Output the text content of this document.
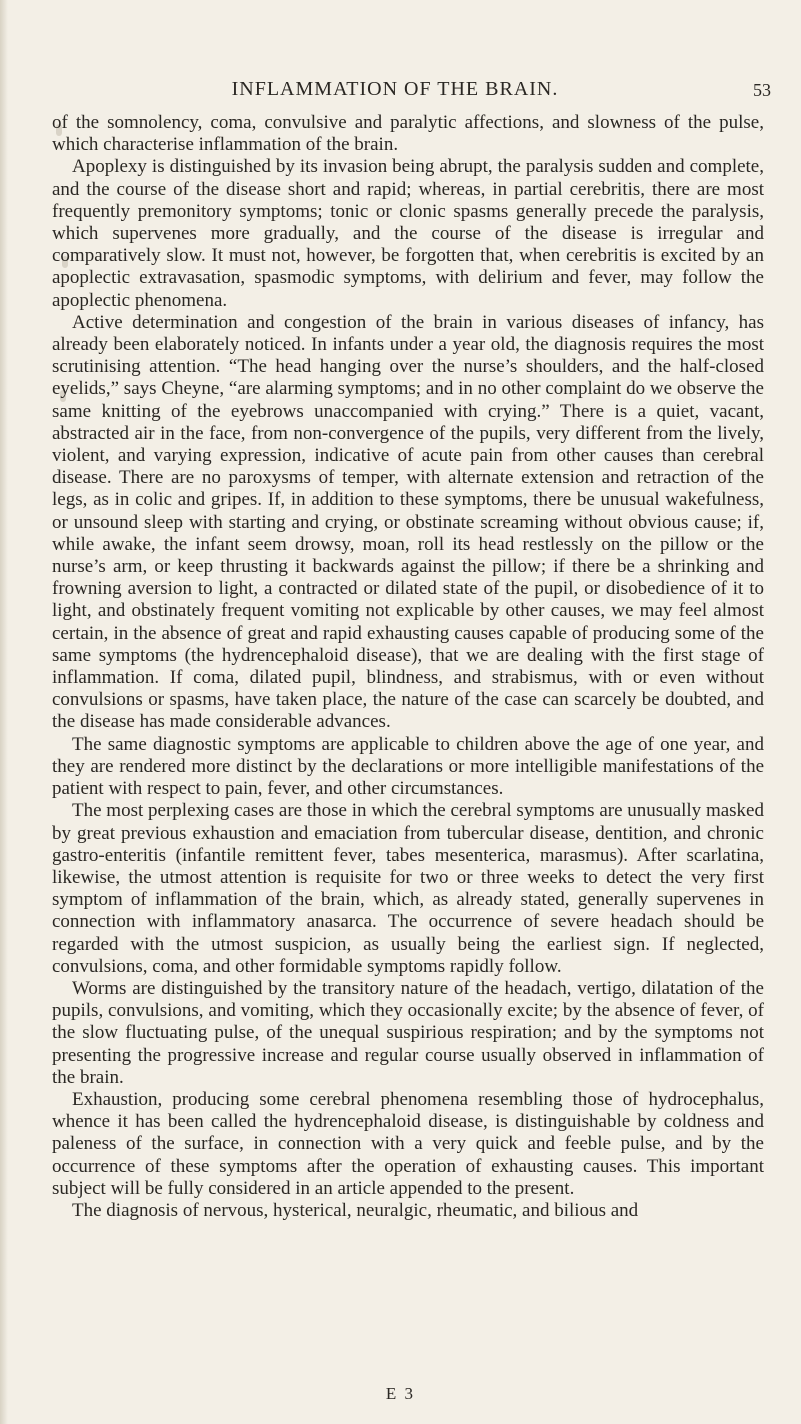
INFLAMMATION OF THE BRAIN.	53

of the somnolency, coma, convulsive and paralytic affections, and slowness of the pulse, which characterise inflammation of the brain.

Apoplexy is distinguished by its invasion being abrupt, the paralysis sudden and complete, and the course of the disease short and rapid; whereas, in partial cerebritis, there are most frequently premonitory symptoms; tonic or clonic spasms generally precede the paralysis, which supervenes more gradually, and the course of the disease is irregular and comparatively slow. It must not, however, be forgotten that, when cerebritis is excited by an apoplectic extravasation, spasmodic symptoms, with delirium and fever, may follow the apoplectic phenomena.

Active determination and congestion of the brain in various diseases of infancy, has already been elaborately noticed. In infants under a year old, the diagnosis requires the most scrutinising attention. “The head hanging over the nurse’s shoulders, and the half-closed eyelids,” says Cheyne, “are alarming symptoms; and in no other complaint do we observe the same knitting of the eyebrows unaccompanied with crying.” There is a quiet, vacant, abstracted air in the face, from non-convergence of the pupils, very different from the lively, violent, and varying expression, indicative of acute pain from other causes than cerebral disease. There are no paroxysms of temper, with alternate extension and retraction of the legs, as in colic and gripes. If, in addition to these symptoms, there be unusual wakefulness, or unsound sleep with starting and crying, or obstinate screaming without obvious cause; if, while awake, the infant seem drowsy, moan, roll its head restlessly on the pillow or the nurse’s arm, or keep thrusting it backwards against the pillow; if there be a shrinking and frowning aversion to light, a contracted or dilated state of the pupil, or disobedience of it to light, and obstinately frequent vomiting not explicable by other causes, we may feel almost certain, in the absence of great and rapid exhausting causes capable of producing some of the same symptoms (the hydrencephaloid disease), that we are dealing with the first stage of inflammation. If coma, dilated pupil, blindness, and strabismus, with or even without convulsions or spasms, have taken place, the nature of the case can scarcely be doubted, and the disease has made considerable advances.

The same diagnostic symptoms are applicable to children above the age of one year, and they are rendered more distinct by the declarations or more intelligible manifestations of the patient with respect to pain, fever, and other circumstances.

The most perplexing cases are those in which the cerebral symptoms are unusually masked by great previous exhaustion and emaciation from tubercular disease, dentition, and chronic gastro-enteritis (infantile remittent fever, tabes mesenterica, marasmus). After scarlatina, likewise, the utmost attention is requisite for two or three weeks to detect the very first symptom of inflammation of the brain, which, as already stated, generally supervenes in connection with inflammatory anasarca. The occurrence of severe headach should be regarded with the utmost suspicion, as usually being the earliest sign. If neglected, convulsions, coma, and other formidable symptoms rapidly follow.

Worms are distinguished by the transitory nature of the headach, vertigo, dilatation of the pupils, convulsions, and vomiting, which they occasionally excite; by the absence of fever, of the slow fluctuating pulse, of the unequal suspirious respiration; and by the symptoms not presenting the progressive increase and regular course usually observed in inflammation of the brain.

Exhaustion, producing some cerebral phenomena resembling those of hydrocephalus, whence it has been called the hydrencephaloid disease, is distinguishable by coldness and paleness of the surface, in connection with a very quick and feeble pulse, and by the occurrence of these symptoms after the operation of exhausting causes. This important subject will be fully considered in an article appended to the present.

The diagnosis of nervous, hysterical, neuralgic, rheumatic, and bilious and

E 3
